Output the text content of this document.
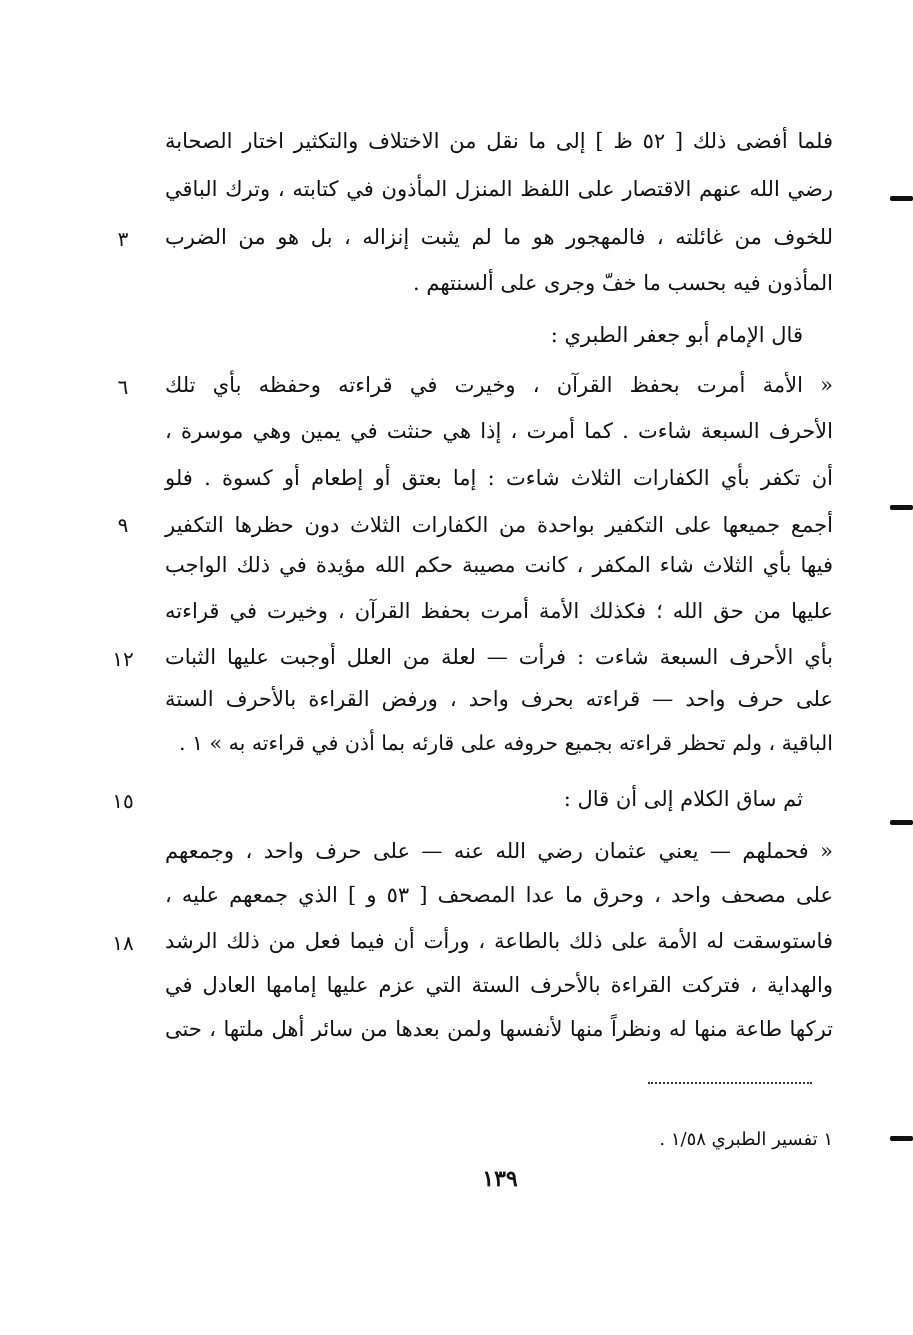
فلما أفضى ذلك [ ٥٢ ظ ] إلى ما نقل من الاختلاف والتكثير اختار الصحابة
رضي الله عنهم الاقتصار على اللفظ المنزل المأذون في كتابته ، وترك الباقي
للخوف من غائلته ، فالمهجور هو ما لم يثبت إنزاله ، بل هو من الضرب
المأذون فيه بحسب ما خفّ وجرى على ألسنتهم .
قال الإمام أبو جعفر الطبري :
« الأمة أمرت بحفظ القرآن ، وخيرت في قراءته وحفظه بأي تلك
الأحرف السبعة شاءت . كما أمرت ، إذا هي حنثت في يمين وهي موسرة ،
أن تكفر بأي الكفارات الثلاث شاءت : إما بعتق أو إطعام أو كسوة . فلو
أجمع جميعها على التكفير بواحدة من الكفارات الثلاث دون حظرها التكفير
فيها بأي الثلاث شاء المكفر ، كانت مصيبة حكم الله مؤيدة في ذلك الواجب
عليها من حق الله ؛ فكذلك الأمة أمرت بحفظ القرآن ، وخيرت في قراءته
بأي الأحرف السبعة شاءت : فرأت — لعلة من العلل أوجبت عليها الثبات
على حرف واحد — قراءته بحرف واحد ، ورفض القراءة بالأحرف الستة
الباقية ، ولم تحظر قراءته بجميع حروفه على قارئه بما أذن في قراءته به » ١ .
ثم ساق الكلام إلى أن قال :
« فحملهم — يعني عثمان رضي الله عنه — على حرف واحد ، وجمعهم
على مصحف واحد ، وحرق ما عدا المصحف [ ٥٣ و ] الذي جمعهم عليه ،
فاستوسقت له الأمة على ذلك بالطاعة ، ورأت أن فيما فعل من ذلك الرشد
والهداية ، فتركت القراءة بالأحرف الستة التي عزم عليها إمامها العادل في
تركها طاعة منها له ونظراً منها لأنفسها ولمن بعدها من سائر أهل ملتها ، حتى
٣
٦
٩
١٢
١٥
١٨
١ تفسير الطبري ١/٥٨ .
١٣٩
